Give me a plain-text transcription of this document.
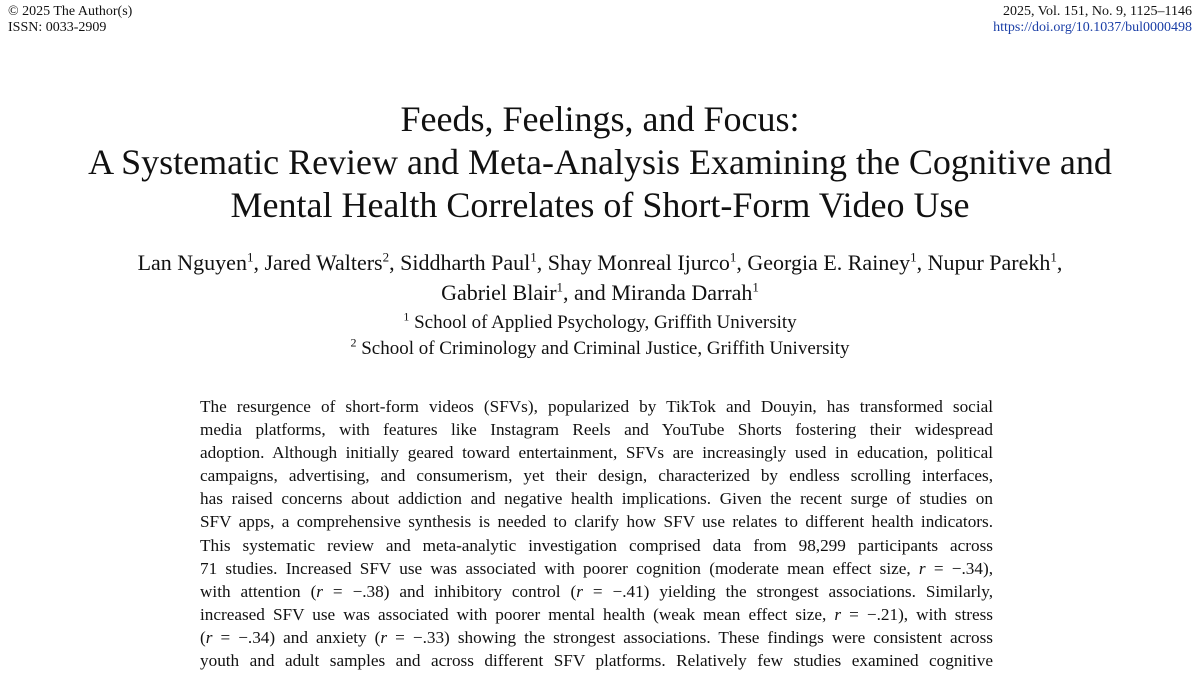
© 2025 The Author(s)
ISSN: 0033-2909
2025, Vol. 151, No. 9, 1125–1146
https://doi.org/10.1037/bul0000498
Feeds, Feelings, and Focus:
A Systematic Review and Meta-Analysis Examining the Cognitive and
Mental Health Correlates of Short-Form Video Use
Lan Nguyen$^1$, Jared Walters$^2$, Siddharth Paul$^1$, Shay Monreal Ijurco$^1$, Georgia E. Rainey$^1$, Nupur Parekh$^1$,
Gabriel Blair$^1$, and Miranda Darrah$^1$
$^1$ School of Applied Psychology, Griffith University
$^2$ School of Criminology and Criminal Justice, Griffith University
The resurgence of short-form videos (SFVs), popularized by TikTok and Douyin, has transformed social
media platforms, with features like Instagram Reels and YouTube Shorts fostering their widespread
adoption. Although initially geared toward entertainment, SFVs are increasingly used in education, political
campaigns, advertising, and consumerism, yet their design, characterized by endless scrolling interfaces,
has raised concerns about addiction and negative health implications. Given the recent surge of studies on
SFV apps, a comprehensive synthesis is needed to clarify how SFV use relates to different health indicators.
This systematic review and meta-analytic investigation comprised data from 98,299 participants across
71 studies. Increased SFV use was associated with poorer cognition (moderate mean effect size, r = −.34),
with attention (r = −.38) and inhibitory control (r = −.41) yielding the strongest associations. Similarly,
increased SFV use was associated with poorer mental health (weak mean effect size, r = −.21), with stress
(r = −.34) and anxiety (r = −.33) showing the strongest associations. These findings were consistent across
youth and adult samples and across different SFV platforms. Relatively few studies examined cognitive
